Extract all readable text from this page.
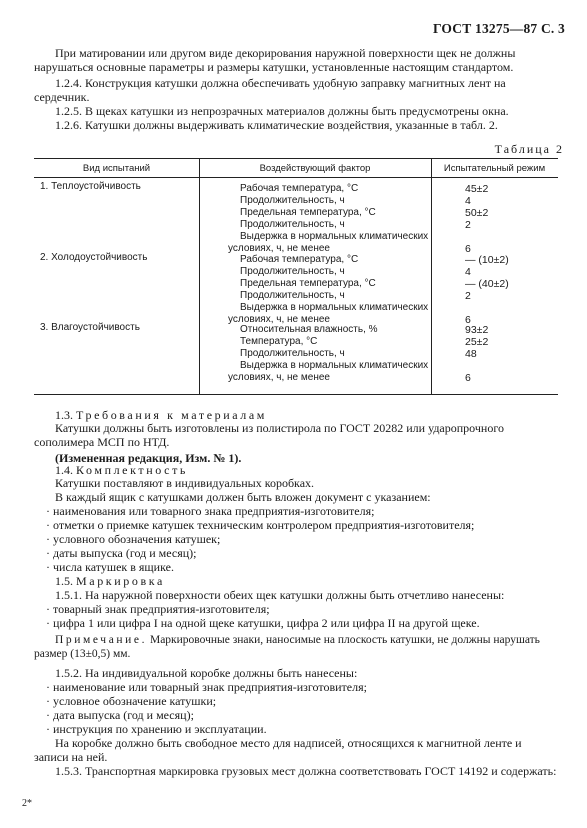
ГОСТ 13275—87 С. 3
При матировании или другом виде декорирования наружной поверхности щек не должны нарушаться основные параметры и размеры катушки, установленные настоящим стандартом.
1.2.4. Конструкция катушки должна обеспечивать удобную заправку магнитных лент на сердечник.
1.2.5. В щеках катушки из непрозрачных материалов должны быть предусмотрены окна.
1.2.6. Катушки должны выдерживать климатические воздействия, указанные в табл. 2.
Таблица 2
Вид испытаний	Воздействующий фактор	Испытательный режим
1. Теплоустойчивость	Рабочая температура, °С	45±2
Продолжительность, ч	4
Предельная температура, °С	50±2
Продолжительность, ч	2
Выдержка в нормальных климатических
условиях, ч, не менее	6
2. Холодоустойчивость	Рабочая температура, °С	— (10±2)
Продолжительность, ч	4
Предельная температура, °С	— (40±2)
Продолжительность, ч	2
Выдержка в нормальных климатических
условиях, ч, не менее	6
3. Влагоустойчивость	Относительная влажность, %	93±2
Температура, °С	25±2
Продолжительность, ч	48
Выдержка в нормальных климатических
условиях, ч, не менее	6
1.3. Требования к материалам
Катушки должны быть изготовлены из полистирола по ГОСТ 20282 или ударопрочного сополимера МСП по НТД.
(Измененная редакция, Изм. № 1).
1.4. Комплектность
Катушки поставляют в индивидуальных коробках.
В каждый ящик с катушками должен быть вложен документ с указанием:
· наименования или товарного знака предприятия-изготовителя;
· отметки о приемке катушек техническим контролером предприятия-изготовителя;
· условного обозначения катушек;
· даты выпуска (год и месяц);
· числа катушек в ящике.
1.5. Маркировка
1.5.1. На наружной поверхности обеих щек катушки должны быть отчетливо нанесены:
· товарный знак предприятия-изготовителя;
· цифра 1 или цифра I на одной щеке катушки, цифра 2 или цифра II на другой щеке.
Примечание. Маркировочные знаки, наносимые на плоскость катушки, не должны нарушать размер (13±0,5) мм.
1.5.2. На индивидуальной коробке должны быть нанесены:
· наименование или товарный знак предприятия-изготовителя;
· условное обозначение катушки;
· дата выпуска (год и месяц);
· инструкция по хранению и эксплуатации.
На коробке должно быть свободное место для надписей, относящихся к магнитной ленте и записи на ней.
1.5.3. Транспортная маркировка грузовых мест должна соответствовать ГОСТ 14192 и содержать:
2*
